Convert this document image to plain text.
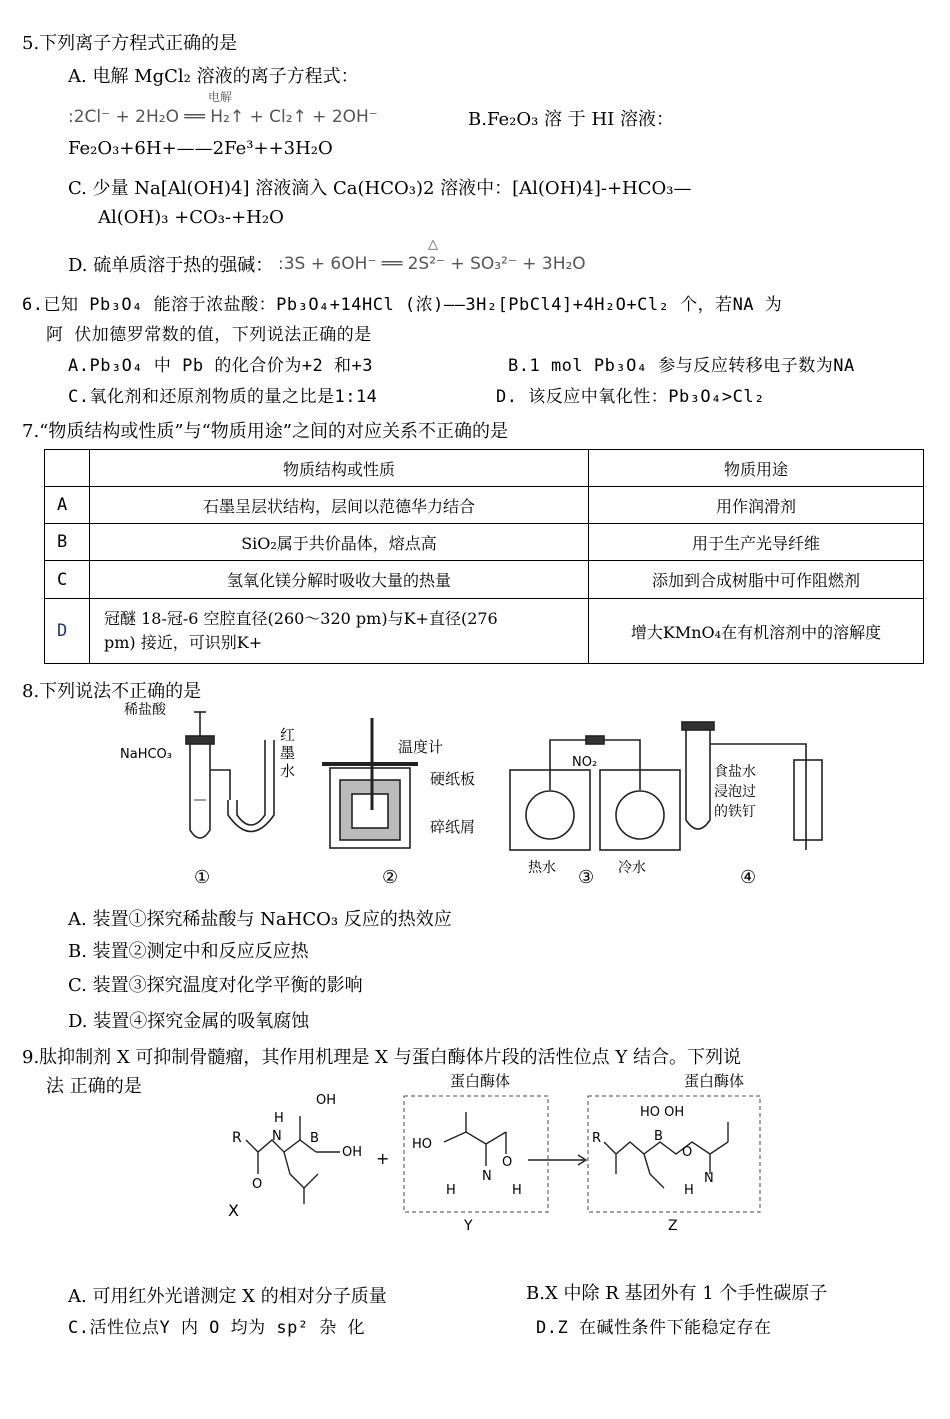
5.下列离子方程式正确的是
A. 电解 MgCl₂ 溶液的离子方程式：
:2Cl⁻ + 2H₂O ══ H₂↑ + Cl₂↑ + 2OH⁻
电解
B.Fe₂O₃ 溶 于 HI 溶液：
Fe₂O₃+6H+——2Fe³++3H₂O
C. 少量 Na[Al(OH)4] 溶液滴入 Ca(HCO₃)2 溶液中：[Al(OH)4]-+HCO₃—
Al(OH)₃ +CO₃-+H₂O
D. 硫单质溶于热的强碱： :3S + 6OH⁻ ══ 2S²⁻ + SO₃²⁻ + 3H₂O
△
6.已知 Pb₃O₄ 能溶于浓盐酸：Pb₃O₄+14HCl (浓)——3H₂[PbCl4]+4H₂O+Cl₂ 个，若NA 为
阿 伏加德罗常数的值，下列说法正确的是
A.Pb₃O₄ 中 Pb 的化合价为+2 和+3	B.1 mol Pb₃O₄ 参与反应转移电子数为NA
C.氧化剂和还原剂物质的量之比是1:14	D. 该反应中氧化性：Pb₃O₄>Cl₂
7.“物质结构或性质”与“物质用途”之间的对应关系不正确的是
	物质结构或性质	物质用途
A	石墨呈层状结构，层间以范德华力结合	用作润滑剂
B	SiO₂属于共价晶体，熔点高	用于生产光导纤维
C	氢氧化镁分解时吸收大量的热量	添加到合成树脂中可作阻燃剂
D	冠醚 18-冠-6 空腔直径(260～320 pm)与K+直径(276
pm) 接近，可识别K+	增大KMnO₄在有机溶剂中的溶解度
8.下列说法不正确的是
稀盐酸
NaHCO₃
红
墨
水
温度计
硬纸板
碎纸屑
NO₂
热水	冷水
食盐水
浸泡过
的铁钉
①	②	③	④
A. 装置①探究稀盐酸与 NaHCO₃ 反应的热效应
B. 装置②测定中和反应反应热
C. 装置③探究温度对化学平衡的影响
D. 装置④探究金属的吸氧腐蚀
9.肽抑制剂 X 可抑制骨髓瘤，其作用机理是 X 与蛋白酶体片段的活性位点 Y 结合。下列说
法 正确的是
R
H
N
OH
B
OH
O
X
+
蛋白酶体
HO
O
H
N
H
Y
蛋白酶体
R
HO OH
B
O
H
N
Z
A. 可用红外光谱测定 X 的相对分子质量	B.X 中除 R 基团外有 1 个手性碳原子
C.活性位点Y 内 O 均为 sp² 杂 化	D.Z 在碱性条件下能稳定存在
